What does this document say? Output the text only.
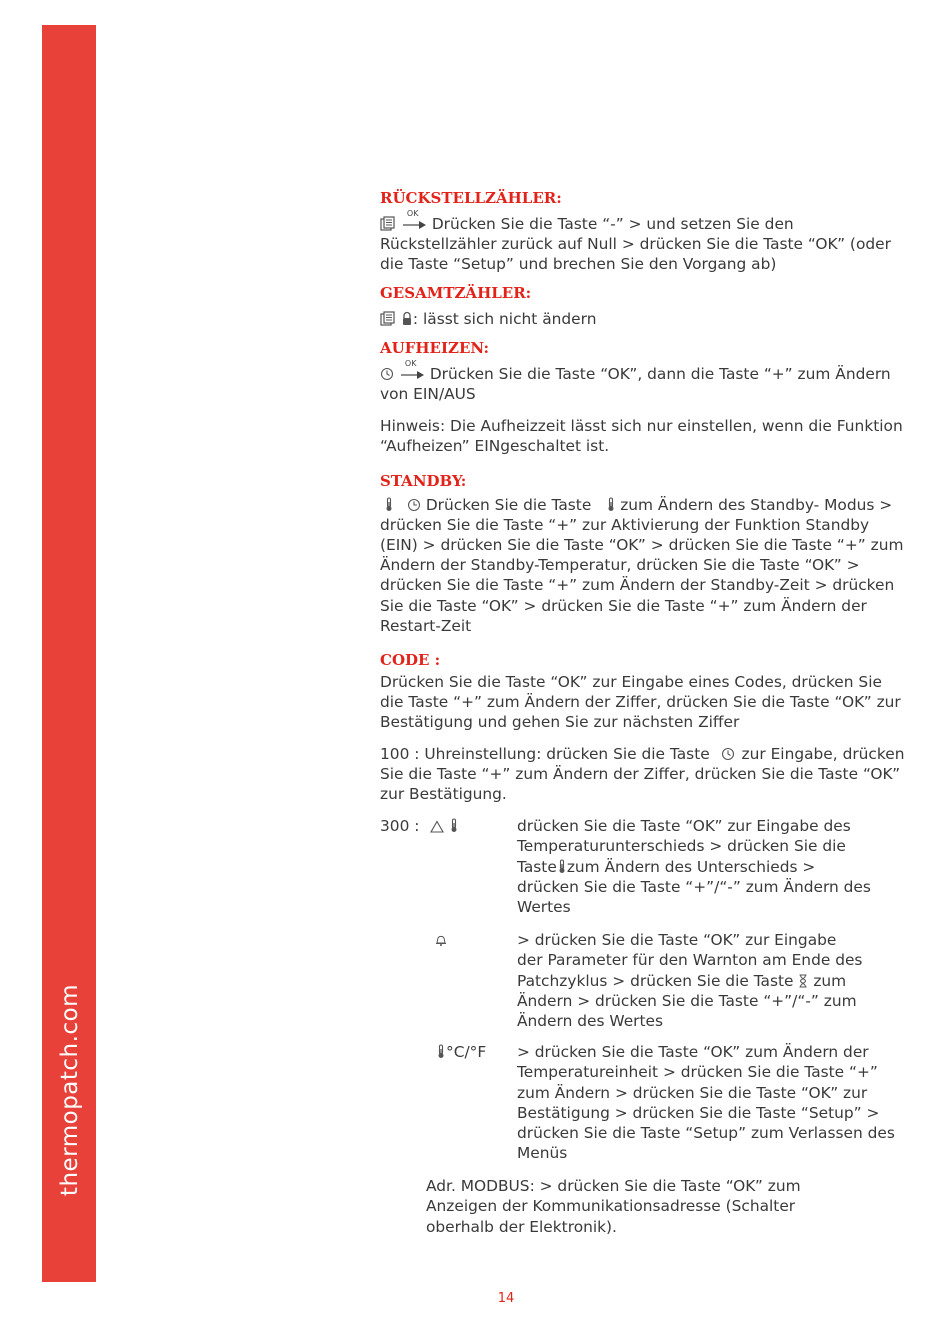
thermopatch.com
RÜCKSTELLZÄHLER:

OK
Drücken Sie die Taste “-” > und setzen Sie den Rückstellzähler zurück auf Null > drücken Sie die Taste “OK” (oder die Taste “Setup” und brechen Sie den Vorgang ab)

GESAMTZÄHLER:

: lässt sich nicht ändern

AUFHEIZEN:

OK
Drücken Sie die Taste “OK”, dann die Taste “+” zum Ändern von EIN/AUS

Hinweis: Die Aufheizzeit lässt sich nur einstellen, wenn die Funktion “Aufheizen” EINgeschaltet ist.

STANDBY:

Drücken Sie die Taste zum Ändern des Standby- Modus > drücken Sie die Taste “+” zur Aktivierung der Funktion Standby (EIN) > drücken Sie die Taste “OK” > drücken Sie die Taste “+” zum Ändern der Standby-Temperatur, drücken Sie die Taste “OK” > drücken Sie die Taste “+” zum Ändern der Standby-Zeit > drücken Sie die Taste “OK” > drücken Sie die Taste “+” zum Ändern der Restart-Zeit

CODE :

Drücken Sie die Taste “OK” zur Eingabe eines Codes, drücken Sie die Taste “+” zum Ändern der Ziffer, drücken Sie die Taste “OK” zur Bestätigung und gehen Sie zur nächsten Ziffer

100 : Uhreinstellung: drücken Sie die Taste zur Eingabe, drücken Sie die Taste “+” zum Ändern der Ziffer, drücken Sie die Taste “OK” zur Bestätigung.

300 :
	drücken Sie die Taste “OK” zur Eingabe des
Temperaturunterschieds > drücken Sie die
Taste zum Ändern des Unterschieds >
drücken Sie die Taste “+”/“-” zum Ändern des Wertes
> drücken Sie die Taste “OK” zur Eingabe
der Parameter für den Warnton am Ende des
Patchzyklus > drücken Sie die Taste zum
Ändern > drücken Sie die Taste “+”/“-” zum Ändern des Wertes
°C/°F > drücken Sie die Taste “OK” zum Ändern der Temperatureinheit > drücken Sie die Taste “+” zum Ändern > drücken Sie die Taste “OK” zur Bestätigung > drücken Sie die Taste “Setup” > drücken Sie die Taste “Setup” zum Verlassen des Menüs

Adr. MODBUS: > drücken Sie die Taste “OK” zum Anzeigen der Kommunikationsadresse (Schalter oberhalb der Elektronik).

14
